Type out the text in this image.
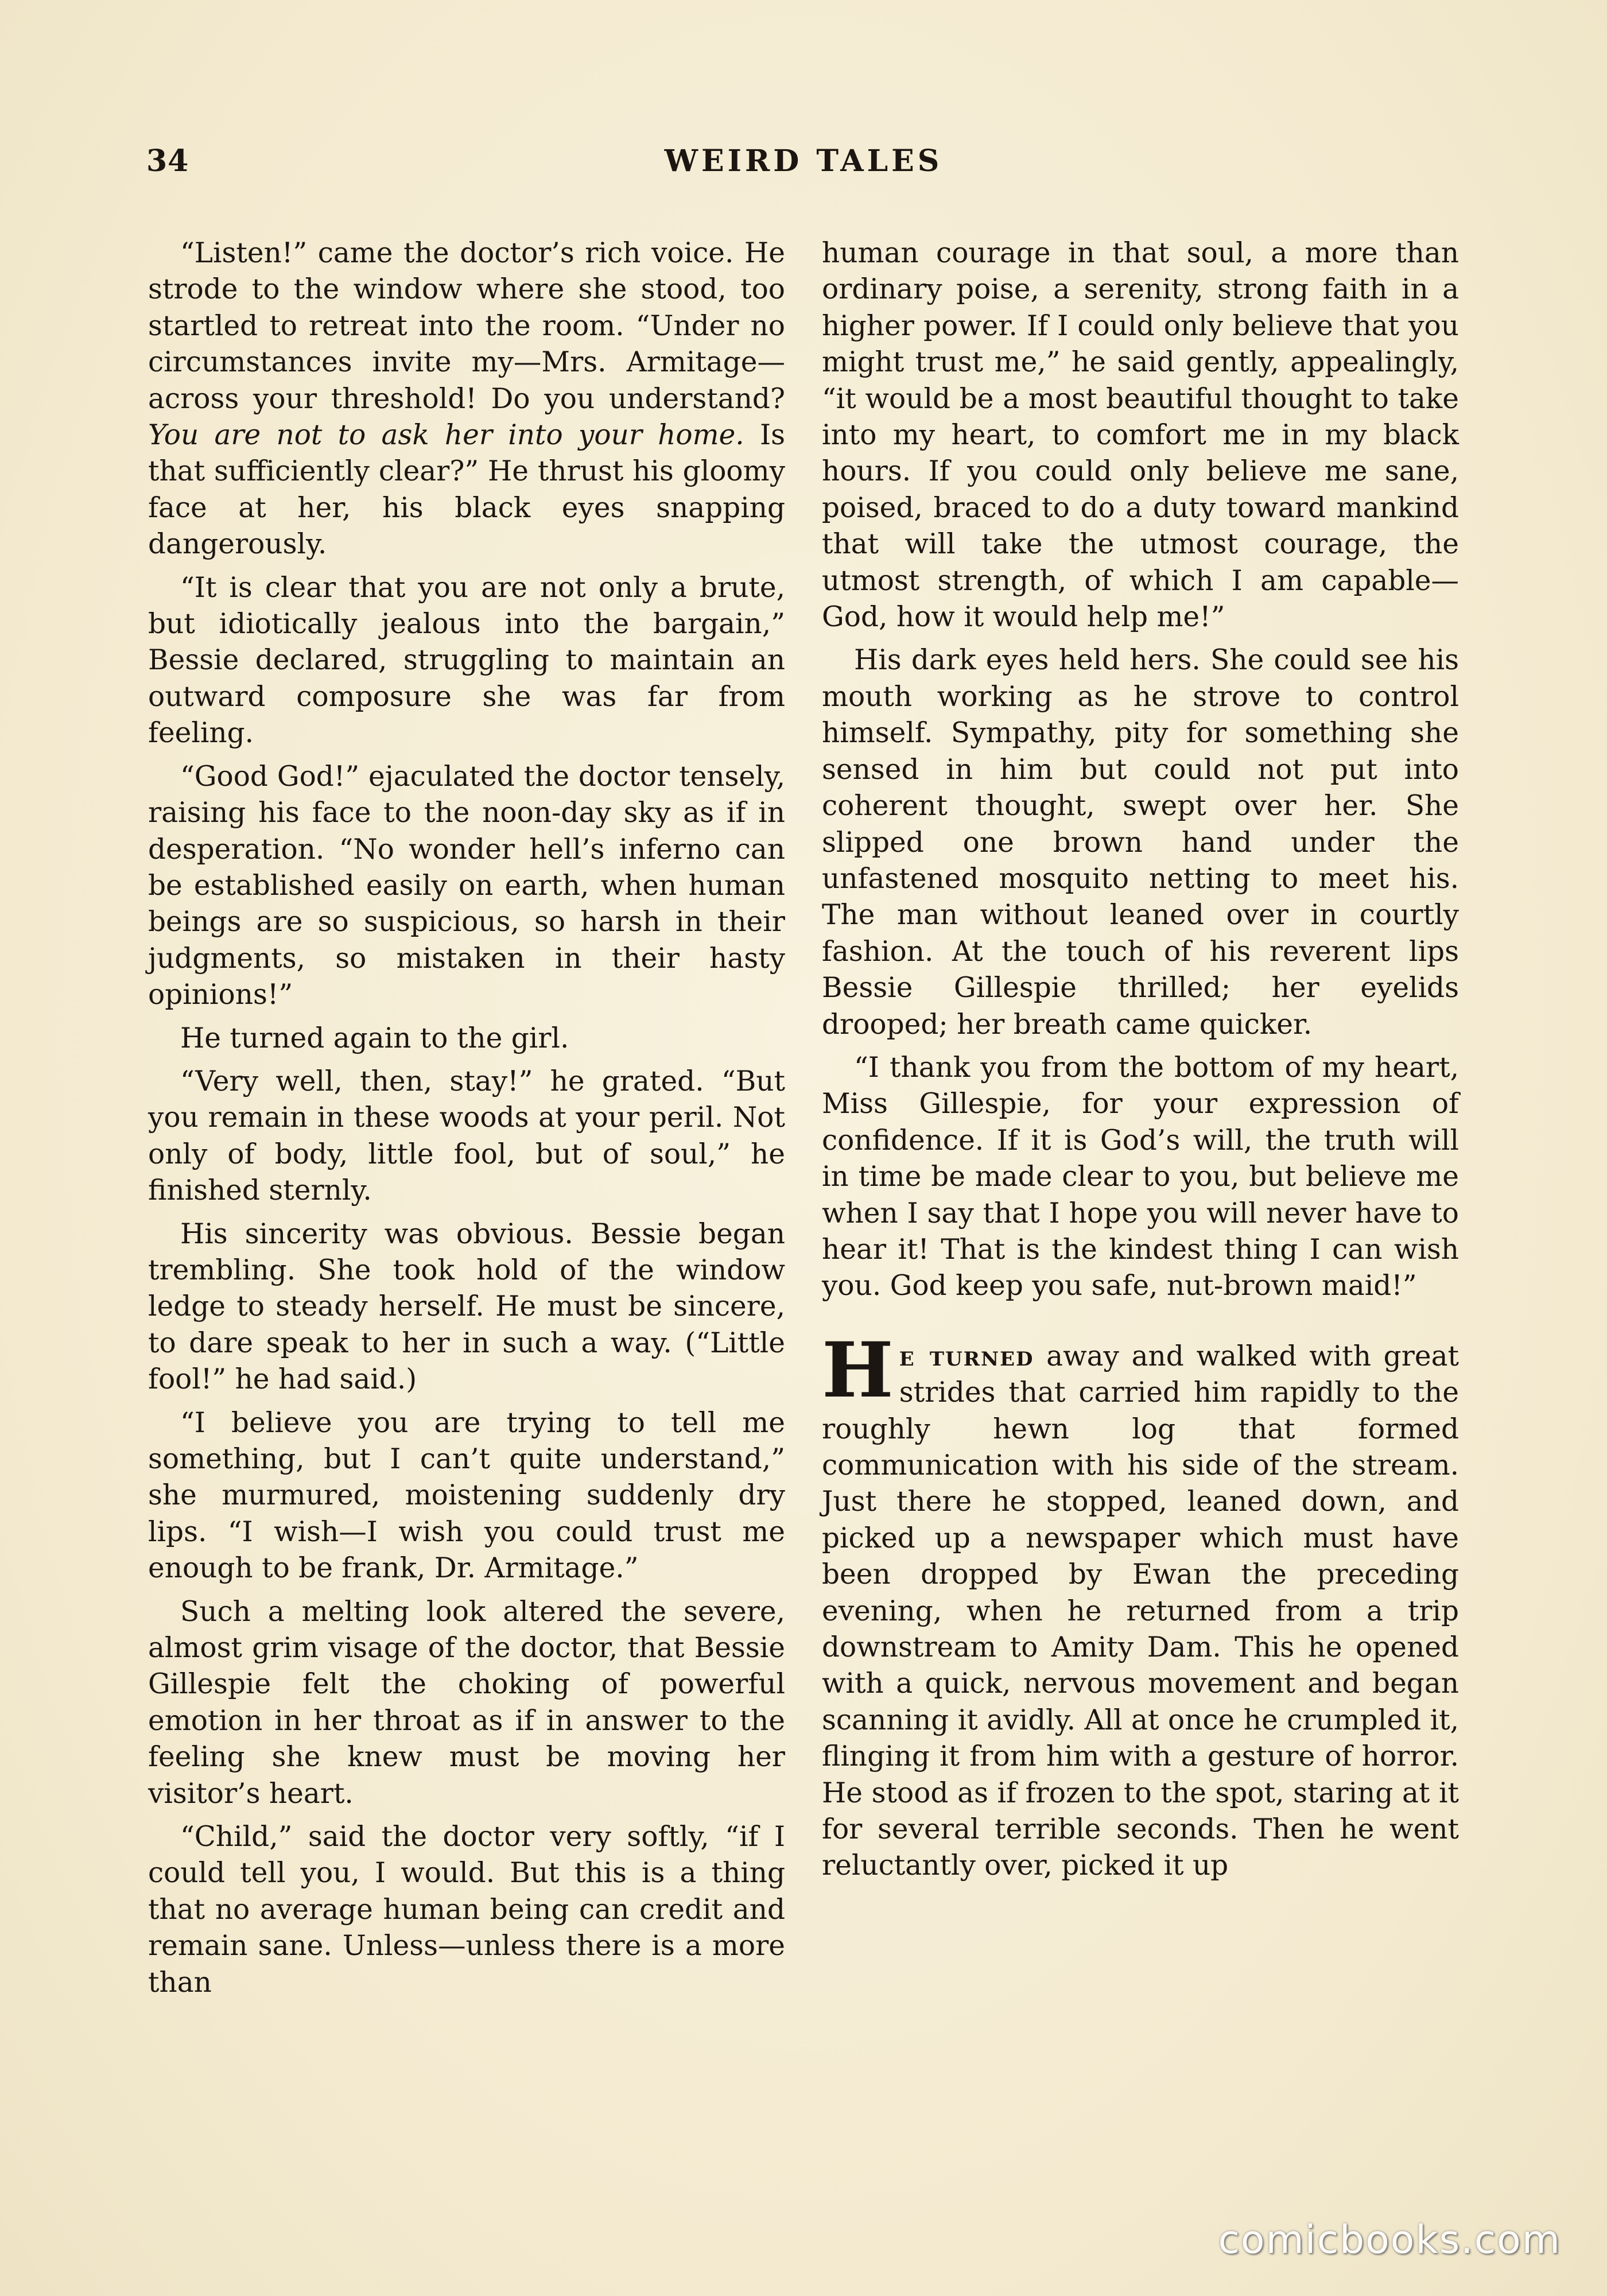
34	WEIRD TALES

“Listen!” came the doctor’s rich voice. He strode to the window where she stood, too startled to retreat into the room. “Under no circumstances invite my—Mrs. Armitage—across your threshold! Do you understand? You are not to ask her into your home. Is that sufficiently clear?” He thrust his gloomy face at her, his black eyes snapping dangerously.

“It is clear that you are not only a brute, but idiotically jealous into the bargain,” Bessie declared, struggling to maintain an outward composure she was far from feeling.

“Good God!” ejaculated the doctor tensely, raising his face to the noon-day sky as if in desperation. “No wonder hell’s inferno can be established easily on earth, when human beings are so suspicious, so harsh in their judgments, so mistaken in their hasty opinions!”

He turned again to the girl.

“Very well, then, stay!” he grated. “But you remain in these woods at your peril. Not only of body, little fool, but of soul,” he finished sternly.

His sincerity was obvious. Bessie began trembling. She took hold of the window ledge to steady herself. He must be sincere, to dare speak to her in such a way. (“Little fool!” he had said.)

“I believe you are trying to tell me something, but I can’t quite understand,” she murmured, moistening suddenly dry lips. “I wish—I wish you could trust me enough to be frank, Dr. Armitage.”

Such a melting look altered the severe, almost grim visage of the doctor, that Bessie Gillespie felt the choking of powerful emotion in her throat as if in answer to the feeling she knew must be moving her visitor’s heart.

“Child,” said the doctor very softly, “if I could tell you, I would. But this is a thing that no average human being can credit and remain sane. Unless—unless there is a more than

human courage in that soul, a more than ordinary poise, a serenity, strong faith in a higher power. If I could only believe that you might trust me,” he said gently, appealingly, “it would be a most beautiful thought to take into my heart, to comfort me in my black hours. If you could only believe me sane, poised, braced to do a duty toward mankind that will take the utmost courage, the utmost strength, of which I am capable—God, how it would help me!”

His dark eyes held hers. She could see his mouth working as he strove to control himself. Sympathy, pity for something she sensed in him but could not put into coherent thought, swept over her. She slipped one brown hand under the unfastened mosquito netting to meet his. The man without leaned over in courtly fashion. At the touch of his reverent lips Bessie Gillespie thrilled; her eyelids drooped; her breath came quicker.

“I thank you from the bottom of my heart, Miss Gillespie, for your expression of confidence. If it is God’s will, the truth will in time be made clear to you, but believe me when I say that I hope you will never have to hear it! That is the kindest thing I can wish you. God keep you safe, nut-brown maid!”

He turned away and walked with great strides that carried him rapidly to the roughly hewn log that formed communication with his side of the stream. Just there he stopped, leaned down, and picked up a newspaper which must have been dropped by Ewan the preceding evening, when he returned from a trip downstream to Amity Dam. This he opened with a quick, nervous movement and began scanning it avidly. All at once he crumpled it, flinging it from him with a gesture of horror. He stood as if frozen to the spot, staring at it for several terrible seconds. Then he went reluctantly over, picked it up

comicbooks.com
